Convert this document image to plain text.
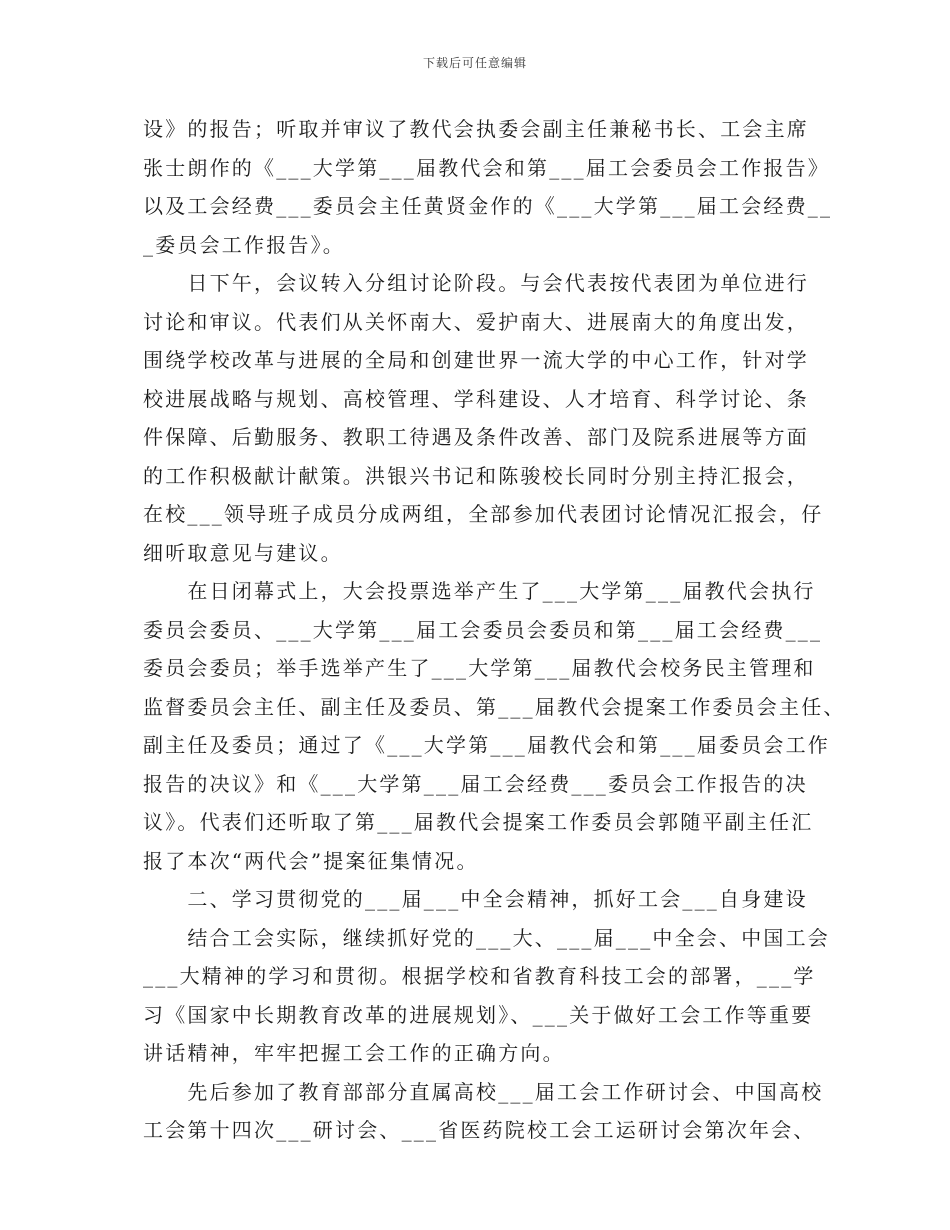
下载后可任意编辑
设》的报告；听取并审议了教代会执委会副主任兼秘书长、工会主席
张士朗作的《___大学第___届教代会和第___届工会委员会工作报告》
以及工会经费___委员会主任黄贤金作的《___大学第___届工会经费__
_委员会工作报告》。
　　日下午，会议转入分组讨论阶段。与会代表按代表团为单位进行
讨论和审议。代表们从关怀南大、爱护南大、进展南大的角度出发，
围绕学校改革与进展的全局和创建世界一流大学的中心工作，针对学
校进展战略与规划、高校管理、学科建设、人才培育、科学讨论、条
件保障、后勤服务、教职工待遇及条件改善、部门及院系进展等方面
的工作积极献计献策。洪银兴书记和陈骏校长同时分别主持汇报会，
在校___领导班子成员分成两组，全部参加代表团讨论情况汇报会，仔
细听取意见与建议。
　　在日闭幕式上，大会投票选举产生了___大学第___届教代会执行
委员会委员、___大学第___届工会委员会委员和第___届工会经费___
委员会委员；举手选举产生了___大学第___届教代会校务民主管理和
监督委员会主任、副主任及委员、第___届教代会提案工作委员会主任、
副主任及委员；通过了《___大学第___届教代会和第___届委员会工作
报告的决议》和《___大学第___届工会经费___委员会工作报告的决
议》。代表们还听取了第___届教代会提案工作委员会郭随平副主任汇
报了本次“两代会”提案征集情况。
　　二、学习贯彻党的___届___中全会精神，抓好工会___自身建设
　　结合工会实际，继续抓好党的___大、___届___中全会、中国工会
___大精神的学习和贯彻。根据学校和省教育科技工会的部署，___学
习《国家中长期教育改革的进展规划》、___关于做好工会工作等重要
讲话精神，牢牢把握工会工作的正确方向。
　　先后参加了教育部部分直属高校___届工会工作研讨会、中国高校
工会第十四次___研讨会、___省医药院校工会工运研讨会第次年会、
